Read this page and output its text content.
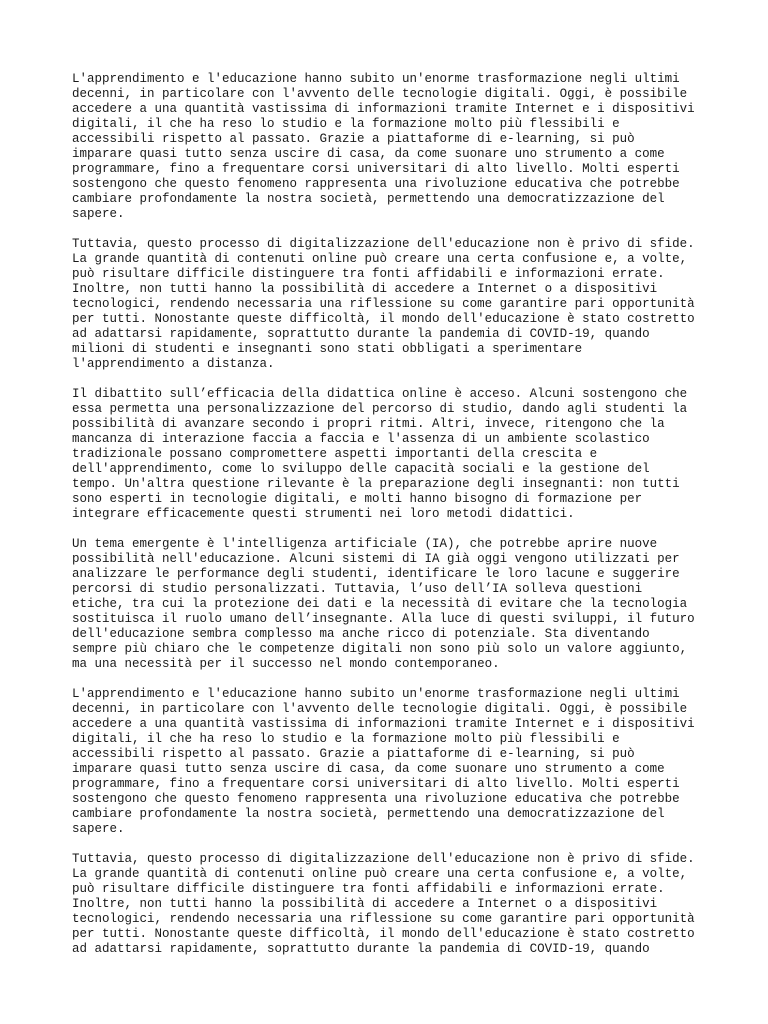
L'apprendimento e l'educazione hanno subito un'enorme trasformazione negli ultimi
decenni, in particolare con l'avvento delle tecnologie digitali. Oggi, è possibile
accedere a una quantità vastissima di informazioni tramite Internet e i dispositivi
digitali, il che ha reso lo studio e la formazione molto più flessibili e
accessibili rispetto al passato. Grazie a piattaforme di e-learning, si può
imparare quasi tutto senza uscire di casa, da come suonare uno strumento a come
programmare, fino a frequentare corsi universitari di alto livello. Molti esperti
sostengono che questo fenomeno rappresenta una rivoluzione educativa che potrebbe
cambiare profondamente la nostra società, permettendo una democratizzazione del
sapere.
Tuttavia, questo processo di digitalizzazione dell'educazione non è privo di sfide.
La grande quantità di contenuti online può creare una certa confusione e, a volte,
può risultare difficile distinguere tra fonti affidabili e informazioni errate.
Inoltre, non tutti hanno la possibilità di accedere a Internet o a dispositivi
tecnologici, rendendo necessaria una riflessione su come garantire pari opportunità
per tutti. Nonostante queste difficoltà, il mondo dell'educazione è stato costretto
ad adattarsi rapidamente, soprattutto durante la pandemia di COVID-19, quando
milioni di studenti e insegnanti sono stati obbligati a sperimentare
l'apprendimento a distanza.
Il dibattito sull’efficacia della didattica online è acceso. Alcuni sostengono che
essa permetta una personalizzazione del percorso di studio, dando agli studenti la
possibilità di avanzare secondo i propri ritmi. Altri, invece, ritengono che la
mancanza di interazione faccia a faccia e l'assenza di un ambiente scolastico
tradizionale possano compromettere aspetti importanti della crescita e
dell'apprendimento, come lo sviluppo delle capacità sociali e la gestione del
tempo. Un'altra questione rilevante è la preparazione degli insegnanti: non tutti
sono esperti in tecnologie digitali, e molti hanno bisogno di formazione per
integrare efficacemente questi strumenti nei loro metodi didattici.
Un tema emergente è l'intelligenza artificiale (IA), che potrebbe aprire nuove
possibilità nell'educazione. Alcuni sistemi di IA già oggi vengono utilizzati per
analizzare le performance degli studenti, identificare le loro lacune e suggerire
percorsi di studio personalizzati. Tuttavia, l’uso dell’IA solleva questioni
etiche, tra cui la protezione dei dati e la necessità di evitare che la tecnologia
sostituisca il ruolo umano dell’insegnante. Alla luce di questi sviluppi, il futuro
dell'educazione sembra complesso ma anche ricco di potenziale. Sta diventando
sempre più chiaro che le competenze digitali non sono più solo un valore aggiunto,
ma una necessità per il successo nel mondo contemporaneo.
L'apprendimento e l'educazione hanno subito un'enorme trasformazione negli ultimi
decenni, in particolare con l'avvento delle tecnologie digitali. Oggi, è possibile
accedere a una quantità vastissima di informazioni tramite Internet e i dispositivi
digitali, il che ha reso lo studio e la formazione molto più flessibili e
accessibili rispetto al passato. Grazie a piattaforme di e-learning, si può
imparare quasi tutto senza uscire di casa, da come suonare uno strumento a come
programmare, fino a frequentare corsi universitari di alto livello. Molti esperti
sostengono che questo fenomeno rappresenta una rivoluzione educativa che potrebbe
cambiare profondamente la nostra società, permettendo una democratizzazione del
sapere.
Tuttavia, questo processo di digitalizzazione dell'educazione non è privo di sfide.
La grande quantità di contenuti online può creare una certa confusione e, a volte,
può risultare difficile distinguere tra fonti affidabili e informazioni errate.
Inoltre, non tutti hanno la possibilità di accedere a Internet o a dispositivi
tecnologici, rendendo necessaria una riflessione su come garantire pari opportunità
per tutti. Nonostante queste difficoltà, il mondo dell'educazione è stato costretto
ad adattarsi rapidamente, soprattutto durante la pandemia di COVID-19, quando
